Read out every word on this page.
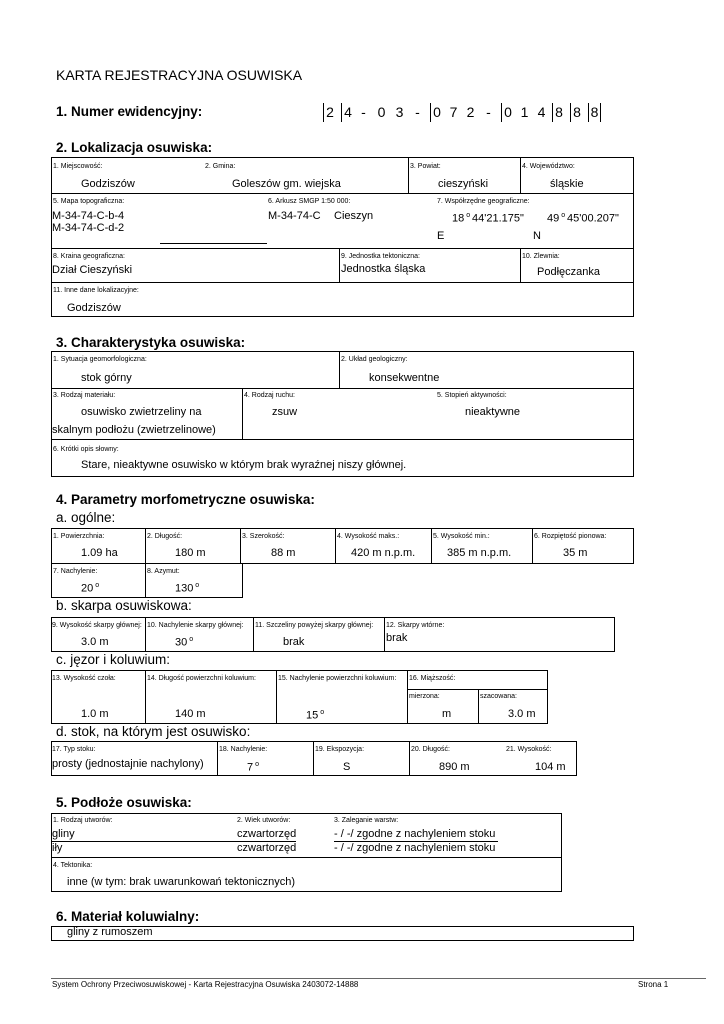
KARTA REJESTRACYJNA OSUWISKA
1. Numer ewidencyjny:	2 4 - 0 3 - 0 7 2 - 0 1 4 8 8 8
2. Lokalizacja osuwiska:
1. Miejscowość:
Godziszów
2. Gmina:
Goleszów gm. wiejska
3. Powiat:
cieszyński
4. Województwo:
śląskie
5. Mapa topograficzna:
M-34-74-C-b-4
M-34-74-C-d-2
6. Arkusz SMGP 1:50 000:
M-34-74-C Cieszyn
7. Współrzędne geograficzne:
18 $^o$ 44'21.175"
E
49 $^o$ 45'00.207"
N
8. Kraina geograficzna:
Dział Cieszyński
9. Jednostka tektoniczna:
Jednostka śląska
10. Zlewnia:
Podłęczanka
11. Inne dane lokalizacyjne:
Godziszów
3. Charakterystyka osuwiska:
1. Sytuacja geomorfologiczna:
stok górny
2. Układ geologiczny:
konsekwentne
3. Rodzaj materiału:
osuwisko zwietrzeliny na
skalnym podłożu (zwietrzelinowe)
4. Rodzaj ruchu:
zsuw
5. Stopień aktywności:
nieaktywne
6. Krótki opis słowny:
Stare, nieaktywne osuwisko w którym brak wyraźnej niszy głównej.
4. Parametry morfometryczne osuwiska:
a. ogólne:
1. Powierzchnia:
1.09 ha
2. Długość:
180 m
3. Szerokość:
88 m
4. Wysokość maks.:
420 m n.p.m.
5. Wysokość min.:
385 m n.p.m.
6. Rozpiętość pionowa:
35 m
7. Nachylenie:
20 $^o$
8. Azymut:
130 $^o$
b. skarpa osuwiskowa:
9. Wysokość skarpy głównej:
3.0 m
10. Nachylenie skarpy głównej:
30 $^o$
11. Szczeliny powyżej skarpy głównej:
brak
12. Skarpy wtórne:
brak
c. jęzor i koluwium:
13. Wysokość czoła:
1.0 m
14. Długość powierzchni koluwium:
140 m
15. Nachylenie powierzchni koluwium:
15 $^o$
16. Miąższość:
mierzona:
m
szacowana:
3.0 m
d. stok, na którym jest osuwisko:
17. Typ stoku:
prosty (jednostajnie nachylony)
18. Nachylenie:
7 $^o$
19. Ekspozycja:
S
20. Długość:
890 m
21. Wysokość:
104 m
5. Podłoże osuwiska:
1. Rodzaj utworów:	2. Wiek utworów:	3. Zaleganie warstw:
gliny	czwartorzęd	- / -/ zgodne z nachyleniem stoku
iły	czwartorzęd	- / -/ zgodne z nachyleniem stoku
4. Tektonika:
inne (w tym: brak uwarunkowań tektonicznych)
6. Materiał koluwialny:
gliny z rumoszem
System Ochrony Przeciwosuwiskowej - Karta Rejestracyjna Osuwiska 2403072-14888	Strona 1
